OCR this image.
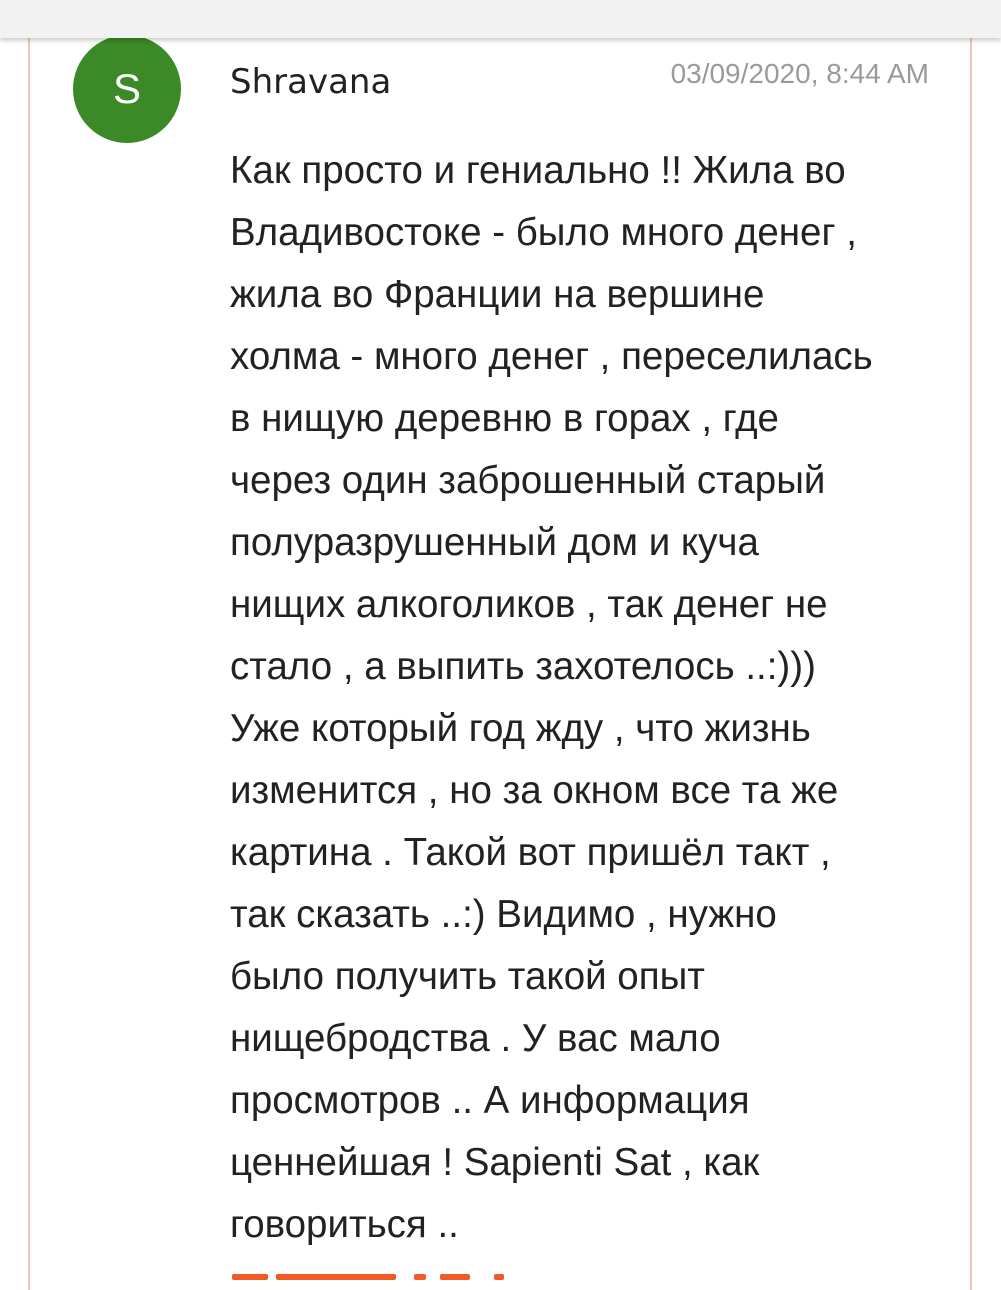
S	Shravana	03/09/2020, 8:44 AM
Как просто и гениально !! Жила во
Владивостоке - было много денег ,
жила во Франции на вершине
холма - много денег , переселилась
в нищую деревню в горах , где
через один заброшенный старый
полуразрушенный дом и куча
нищих алкоголиков , так денег не
стало , а выпить захотелось ..:)))
Уже который год жду , что жизнь
изменится , но за окном все та же
картина . Такой вот пришёл такт ,
так сказать ..:) Видимо , нужно
было получить такой опыт
нищебродства . У вас мало
просмотров .. А информация
ценнейшая ! Sapienti Sat , как
говориться ..
